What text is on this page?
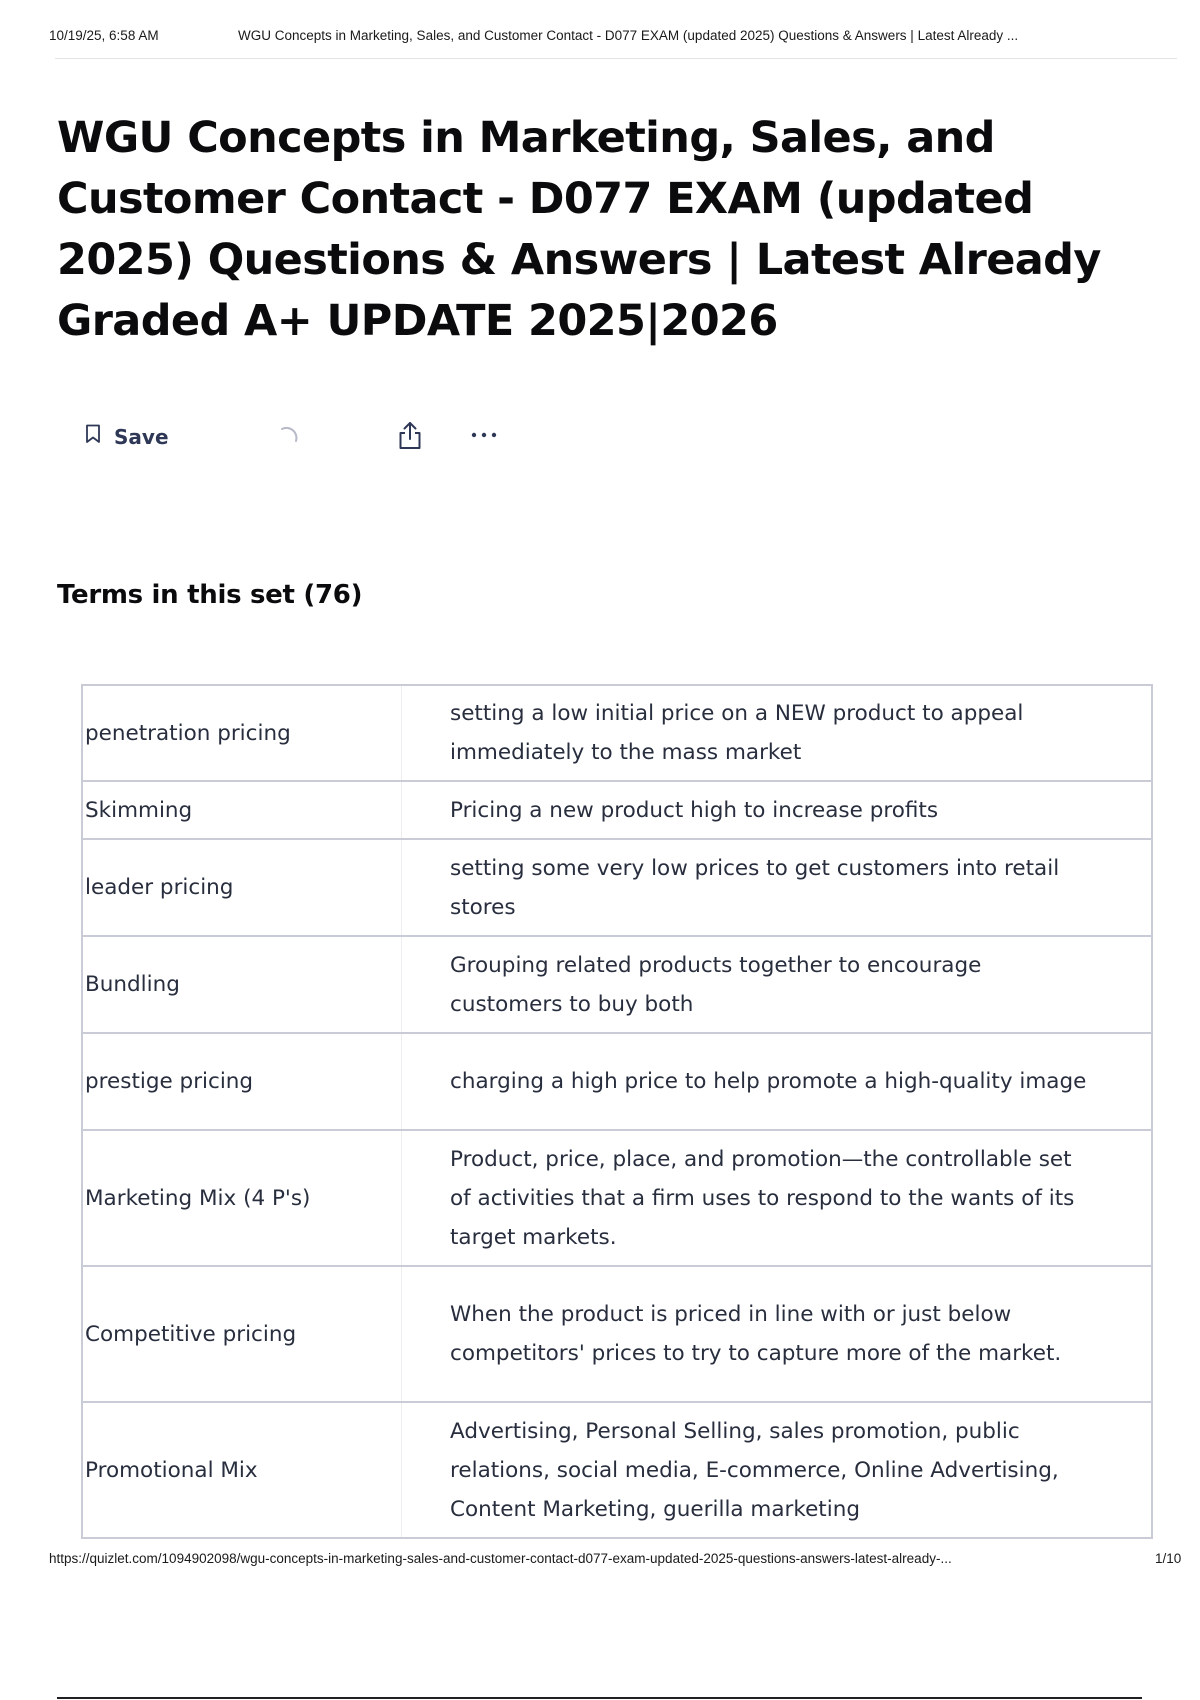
10/19/25, 6:58 AM	WGU Concepts in Marketing, Sales, and Customer Contact - D077 EXAM (updated 2025) Questions & Answers | Latest Already ...
WGU Concepts in Marketing, Sales, and Customer Contact - D077 EXAM (updated 2025) Questions & Answers | Latest Already Graded A+ UPDATE 2025|2026
Save
Terms in this set (76)
penetration pricing	setting a low initial price on a NEW product to appeal immediately to the mass market
Skimming	Pricing a new product high to increase profits
leader pricing	setting some very low prices to get customers into retail stores
Bundling	Grouping related products together to encourage customers to buy both
prestige pricing	charging a high price to help promote a high-quality image
Marketing Mix (4 P's)	Product, price, place, and promotion—the controllable set of activities that a firm uses to respond to the wants of its target markets.
Competitive pricing	When the product is priced in line with or just below competitors' prices to try to capture more of the market.
Promotional Mix	Advertising, Personal Selling, sales promotion, public relations, social media, E-commerce, Online Advertising, Content Marketing, guerilla marketing
https://quizlet.com/1094902098/wgu-concepts-in-marketing-sales-and-customer-contact-d077-exam-updated-2025-questions-answers-latest-already-...	1/10
